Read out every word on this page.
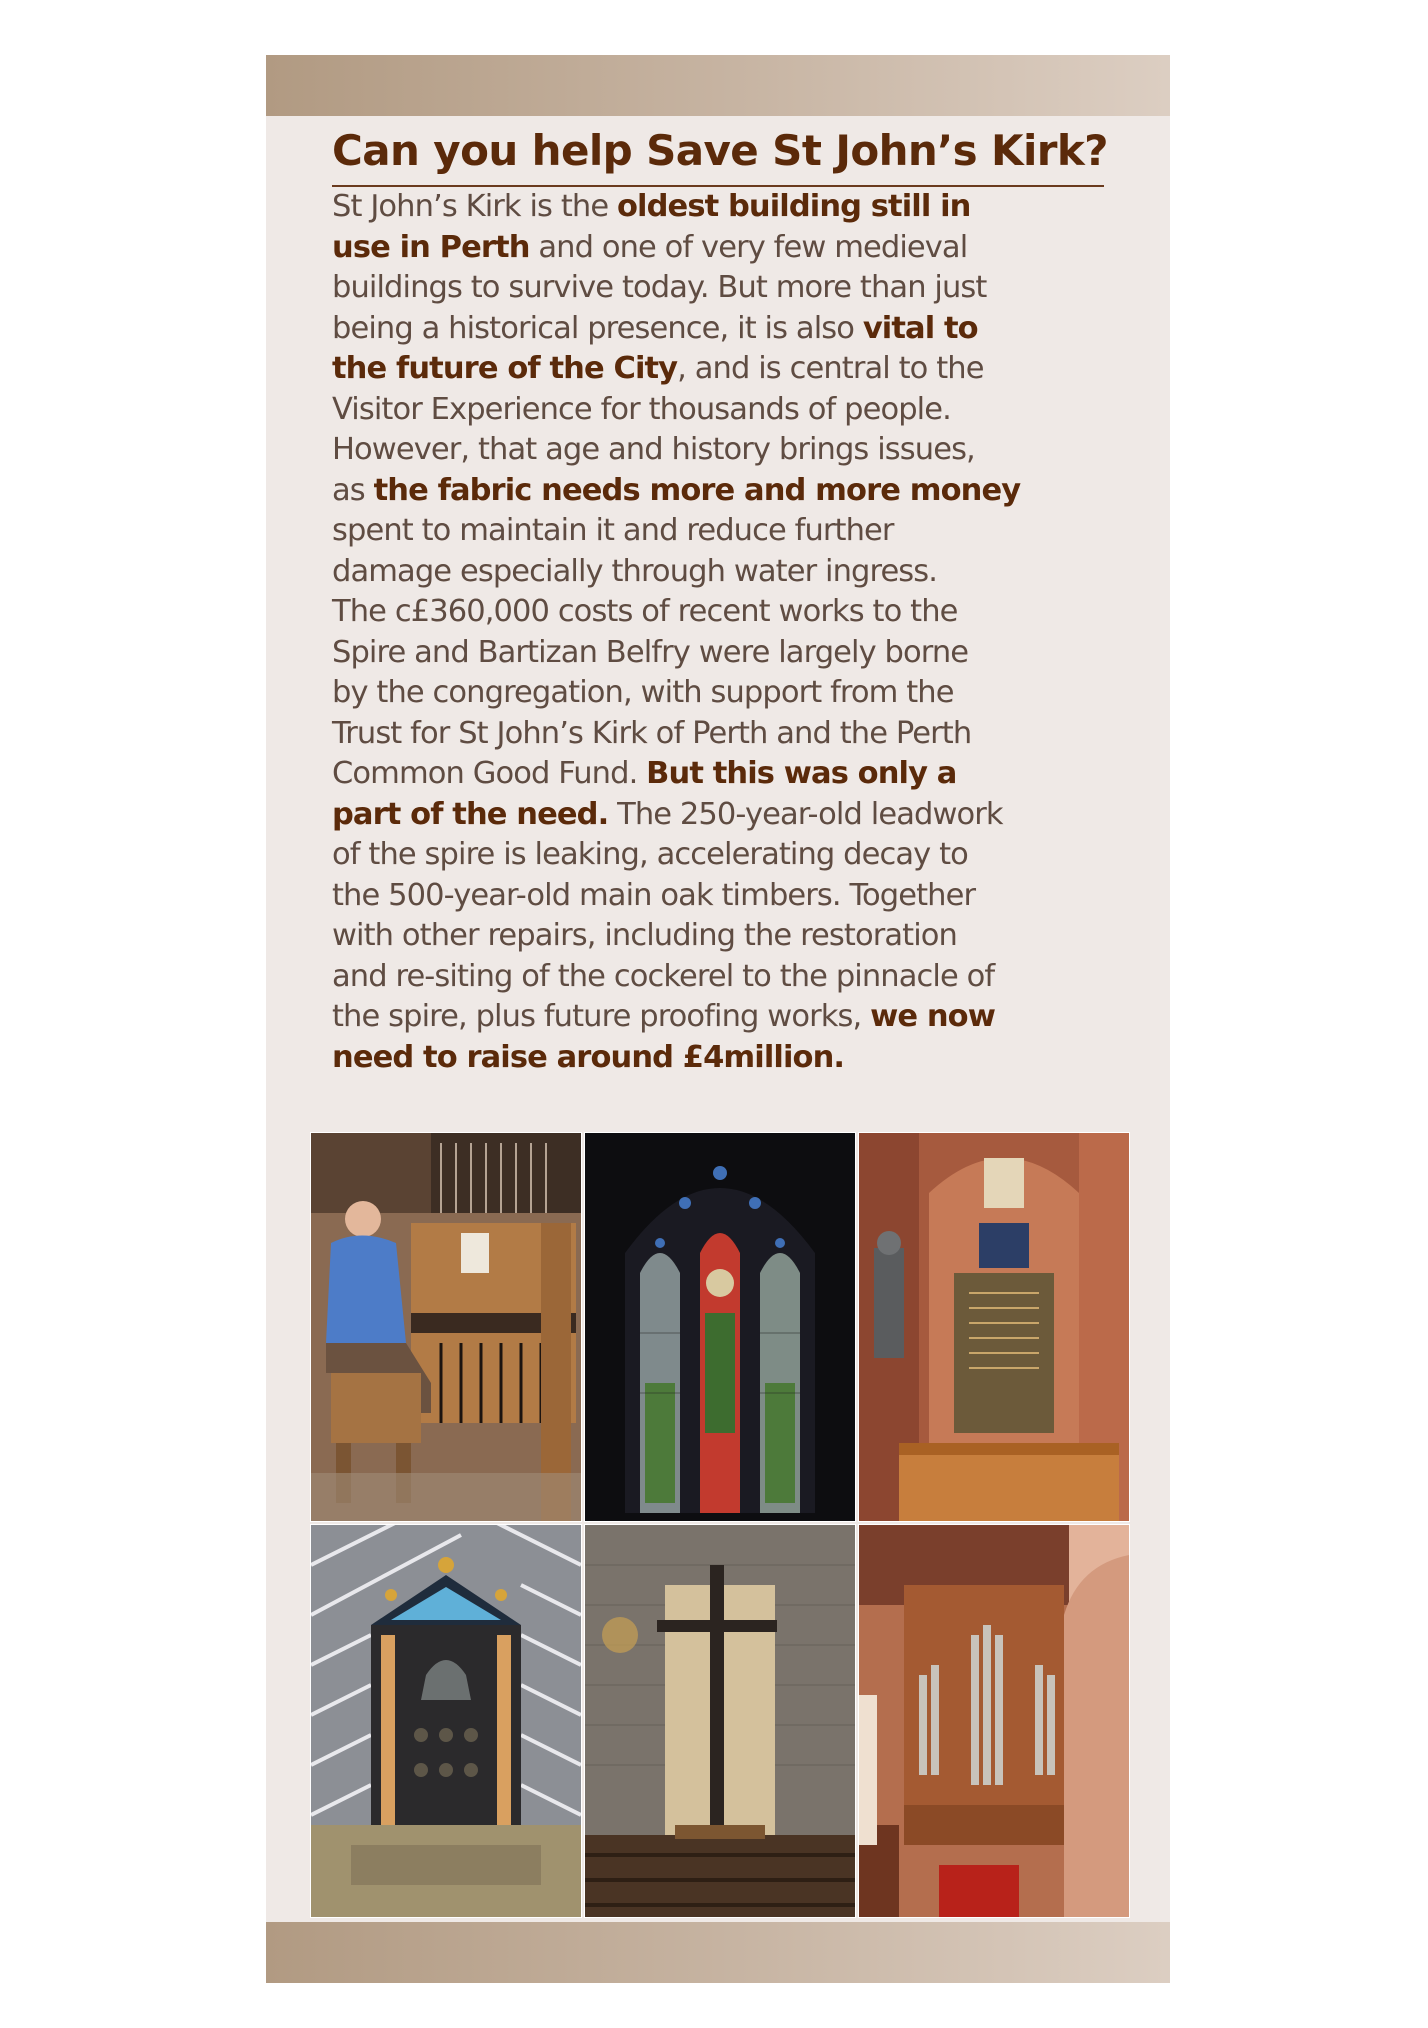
Can you help Save St John’s Kirk?

St John’s Kirk is the oldest building still in
use in Perth and one of very few medieval
buildings to survive today. But more than just
being a historical presence, it is also vital to
the future of the City, and is central to the
Visitor Experience for thousands of people.
However, that age and history brings issues,
as the fabric needs more and more money
spent to maintain it and reduce further
damage especially through water ingress.

The c£360,000 costs of recent works to the
Spire and Bartizan Belfry were largely borne
by the congregation, with support from the
Trust for St John’s Kirk of Perth and the Perth
Common Good Fund. But this was only a
part of the need. The 250-year-old leadwork
of the spire is leaking, accelerating decay to
the 500-year-old main oak timbers. Together
with other repairs, including the restoration
and re-siting of the cockerel to the pinnacle of
the spire, plus future proofing works, we now
need to raise around £4million.
